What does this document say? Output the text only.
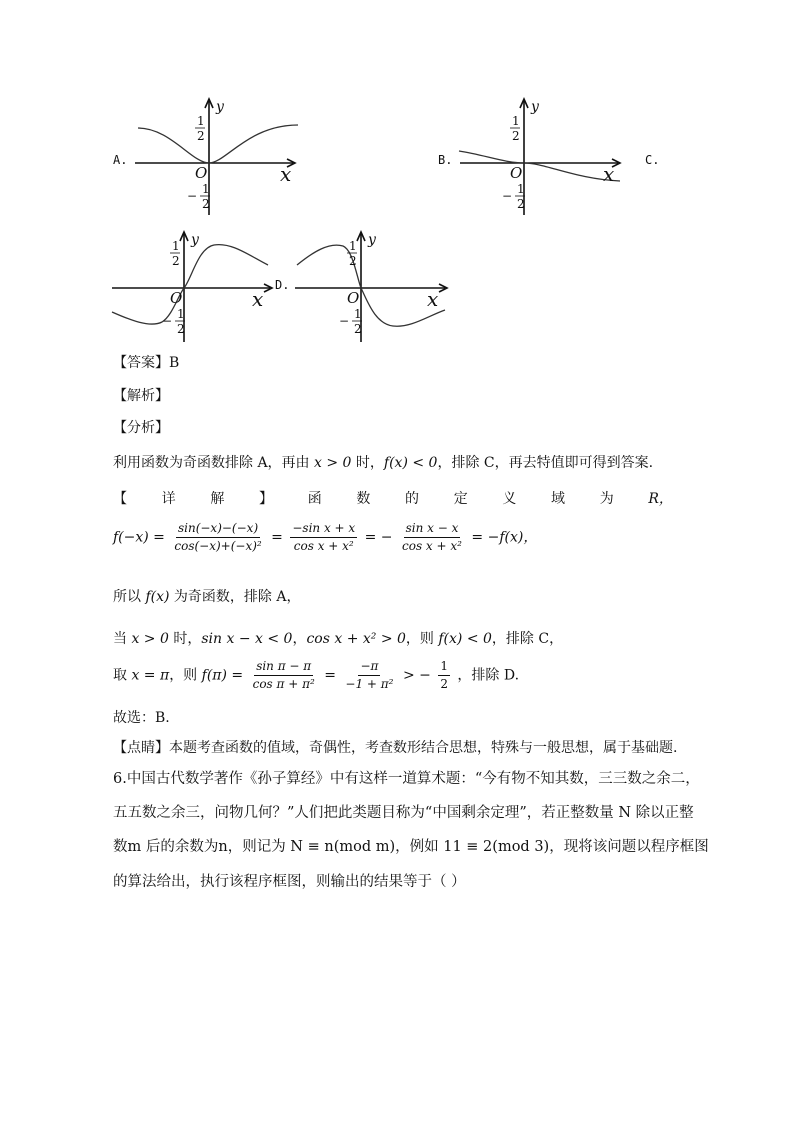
A.
y
x
O
1
2
− 1
2
B.
y
x
O
1
2
− 1
2
C.
y
x
O
1
2
− 1
2
D.
y
x
O
1
2
− 1
2
【答案】B
【解析】
【分析】
利用函数为奇函数排除 A，再由 x > 0 时，f(x) < 0，排除 C，再去特值即可得到答案.
【 详 解 】 函 数 的 定 义 域 为 R，
$f(-x) = \frac{\sin(-x)-(-x)}{\text{cos(−x)+(−x)²}} = \frac{\text{−sin x + x}}{\text{cos x + x²}}$ = − $\frac{\text{sin x − x}}{\text{cos x + x²}} = -f(x)$，
所以 f(x) 为奇函数，排除 A，
当 x > 0 时，sin x − x < 0，cos x + x² > 0，则 f(x) < 0，排除 C，
取 x = π，则 $f(\pi) = \frac{\text{sin π − π}}{\text{cos π + π²}} = \frac{-\pi}{\text{−1 + π²}}$ > − $\frac{1}{2}$ ，排除 D.
故选：B.
【点睛】本题考查函数的值域，奇偶性，考查数形结合思想，特殊与一般思想，属于基础题.
6.中国古代数学著作《孙子算经》中有这样一道算术题：“今有物不知其数，三三数之余二，
五五数之余三，问物几何？”人们把此类题目称为“中国剩余定理”，若正整数量 N 除以正整
数m 后的余数为n，则记为 N ≡ n(mod m)，例如 11 ≡ 2(mod 3)，现将该问题以程序框图
的算法给出，执行该程序框图，则输出的结果等于（ ）
